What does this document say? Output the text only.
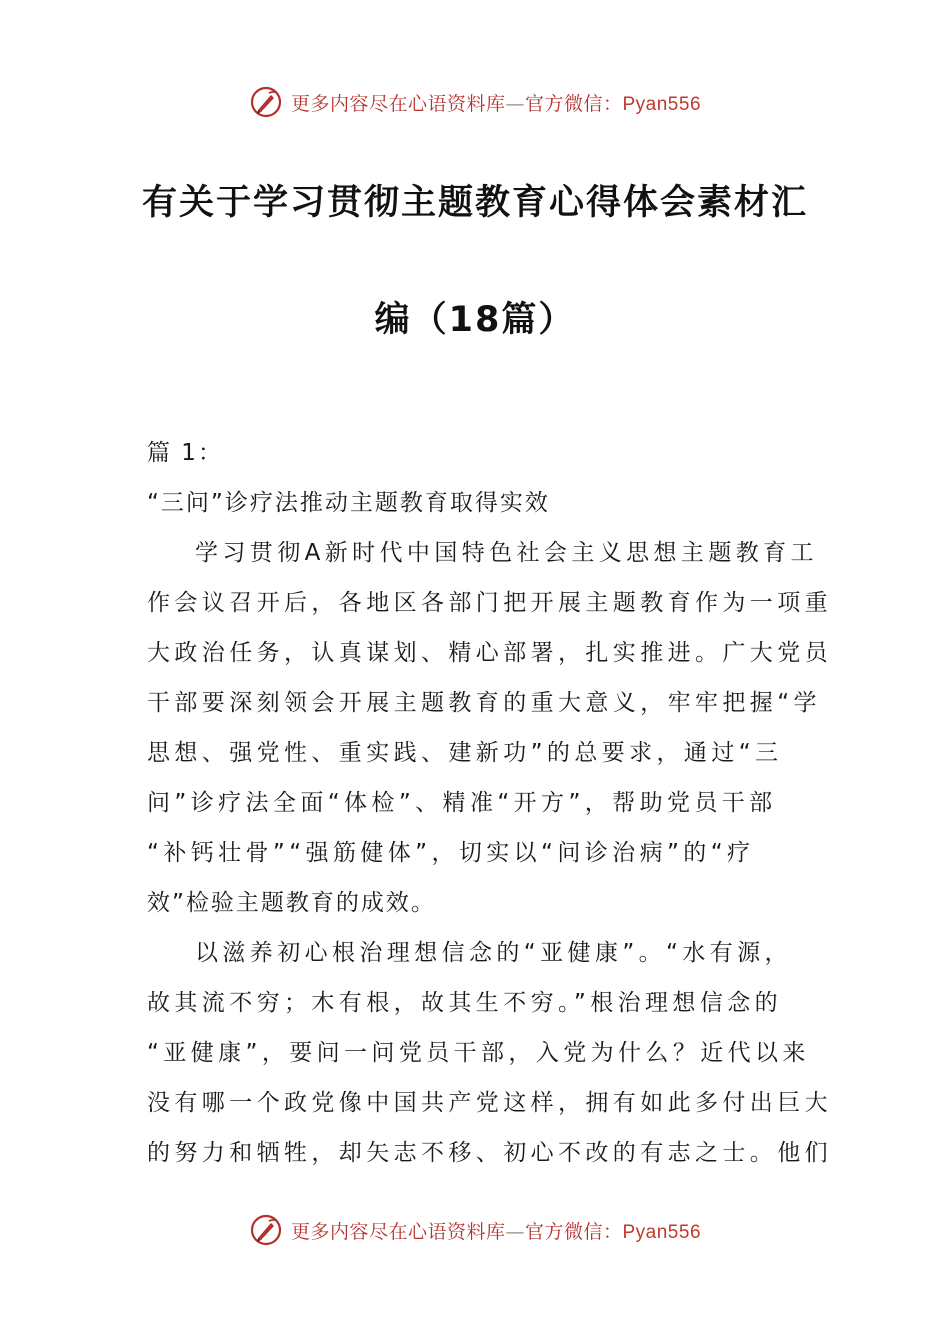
更多内容尽在心语资料库—官方微信：Pyan556
有关于学习贯彻主题教育心得体会素材汇
编（18篇）
篇 1：
“三问”诊疗法推动主题教育取得实效
学习贯彻A新时代中国特色社会主义思想主题教育工
作会议召开后，各地区各部门把开展主题教育作为一项重
大政治任务，认真谋划、精心部署，扎实推进。广大党员
干部要深刻领会开展主题教育的重大意义，牢牢把握“学
思想、强党性、重实践、建新功”的总要求，通过“三
问”诊疗法全面“体检”、精准“开方”，帮助党员干部
“补钙壮骨”“强筋健体”，切实以“问诊治病”的“疗
效”检验主题教育的成效。
以滋养初心根治理想信念的“亚健康”。“水有源，
故其流不穷；木有根，故其生不穷。”根治理想信念的
“亚健康”，要问一问党员干部，入党为什么？近代以来
没有哪一个政党像中国共产党这样，拥有如此多付出巨大
的努力和牺牲，却矢志不移、初心不改的有志之士。他们
更多内容尽在心语资料库—官方微信：Pyan556
